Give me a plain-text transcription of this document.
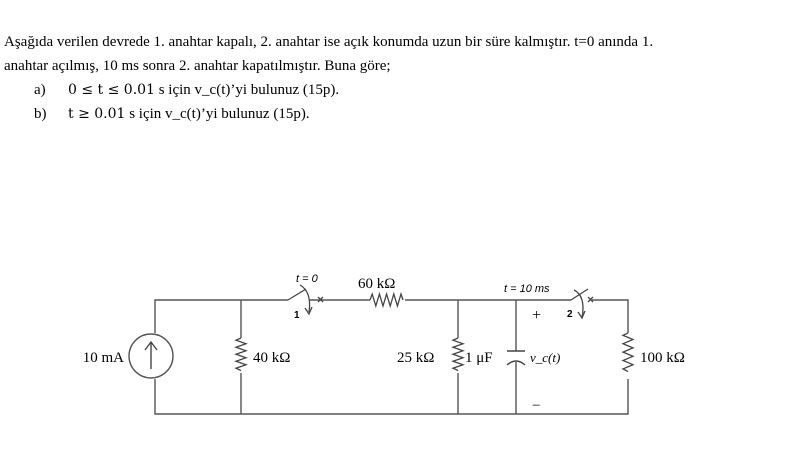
Aşağıda verilen devrede 1. anahtar kapalı, 2. anahtar ise açık konumda uzun bir süre kalmıştır. t=0 anında 1.
anahtar açılmış, 10 ms sonra 2. anahtar kapatılmıştır. Buna göre;
a) 0 ≤ t ≤ 0.01 s için v_c(t)’yi bulunuz (15p).
b) t ≥ 0.01 s için v_c(t)’yi bulunuz (15p).
10 mA	40 kΩ
t = 0
1
60 kΩ
25 kΩ 1 μF
+
v_c(t)
−
t = 10 ms
2
100 kΩ
